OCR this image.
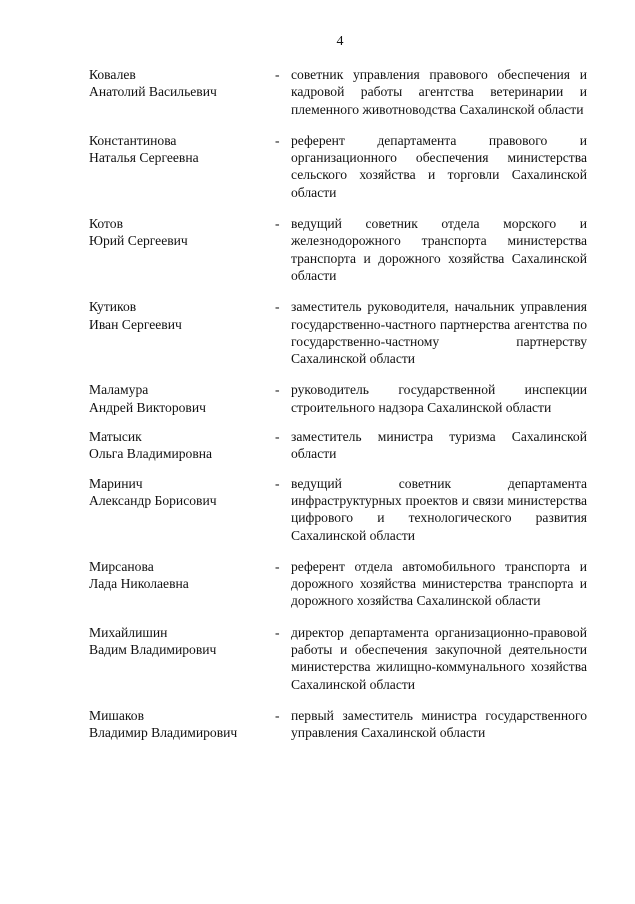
4
Ковалев
Анатолий Васильевич
- советник управления правового обеспечения и кадровой работы агентства ветеринарии и племенного животноводства Сахалинской области
Константинова
Наталья Сергеевна
- референт департамента правового и организационного обеспечения министерства сельского хозяйства и торговли Сахалинской области
Котов
Юрий Сергеевич
- ведущий советник отдела морского и железнодорожного транспорта министерства транспорта и дорожного хозяйства Сахалинской области
Кутиков
Иван Сергеевич
- заместитель руководителя, начальник управления государственно-частного партнерства агентства по государственно-частному партнерству Сахалинской области
Маламура
Андрей Викторович
- руководитель государственной инспекции строительного надзора Сахалинской области
Матысик
Ольга Владимировна
- заместитель министра туризма Сахалинской области
Маринич
Александр Борисович
- ведущий советник департамента инфраструктурных проектов и связи министерства цифрового и технологического развития Сахалинской области
Мирсанова
Лада Николаевна
- референт отдела автомобильного транспорта и дорожного хозяйства министерства транспорта и дорожного хозяйства Сахалинской области
Михайлишин
Вадим Владимирович
- директор департамента организационно-правовой работы и обеспечения закупочной деятельности министерства жилищно-коммунального хозяйства Сахалинской области
Мишаков
Владимир Владимирович
- первый заместитель министра государственного управления Сахалинской области
